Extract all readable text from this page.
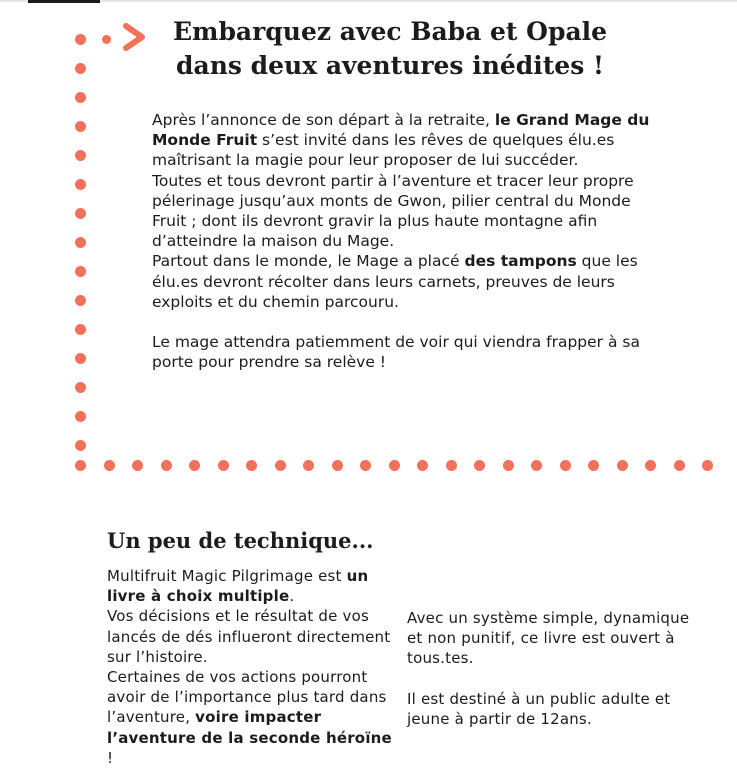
Embarquez avec Baba et Opale
dans deux aventures inédites !

Après l’annonce de son départ à la retraite, le Grand Mage du Monde Fruit s’est invité dans les rêves de quelques élu.es maîtrisant la magie pour leur proposer de lui succéder.

Toutes et tous devront partir à l’aventure et tracer leur propre pélerinage jusqu’aux monts de Gwon, pilier central du Monde Fruit ; dont ils devront gravir la plus haute montagne afin d’atteindre la maison du Mage.

Partout dans le monde, le Mage a placé des tampons que les élu.es devront récolter dans leurs carnets, preuves de leurs exploits et du chemin parcouru.

Le mage attendra patiemment de voir qui viendra frapper à sa porte pour prendre sa relève !

Un peu de technique...

Multifruit Magic Pilgrimage est un livre à choix multiple.

Vos décisions et le résultat de vos lancés de dés influeront directement sur l’histoire.

Certaines de vos actions pourront avoir de l’importance plus tard dans l’aventure, voire impacter l’aventure de la seconde héroïne !

Avec un système simple, dynamique et non punitif, ce livre est ouvert à tous.tes.

Il est destiné à un public adulte et jeune à partir de 12ans.
